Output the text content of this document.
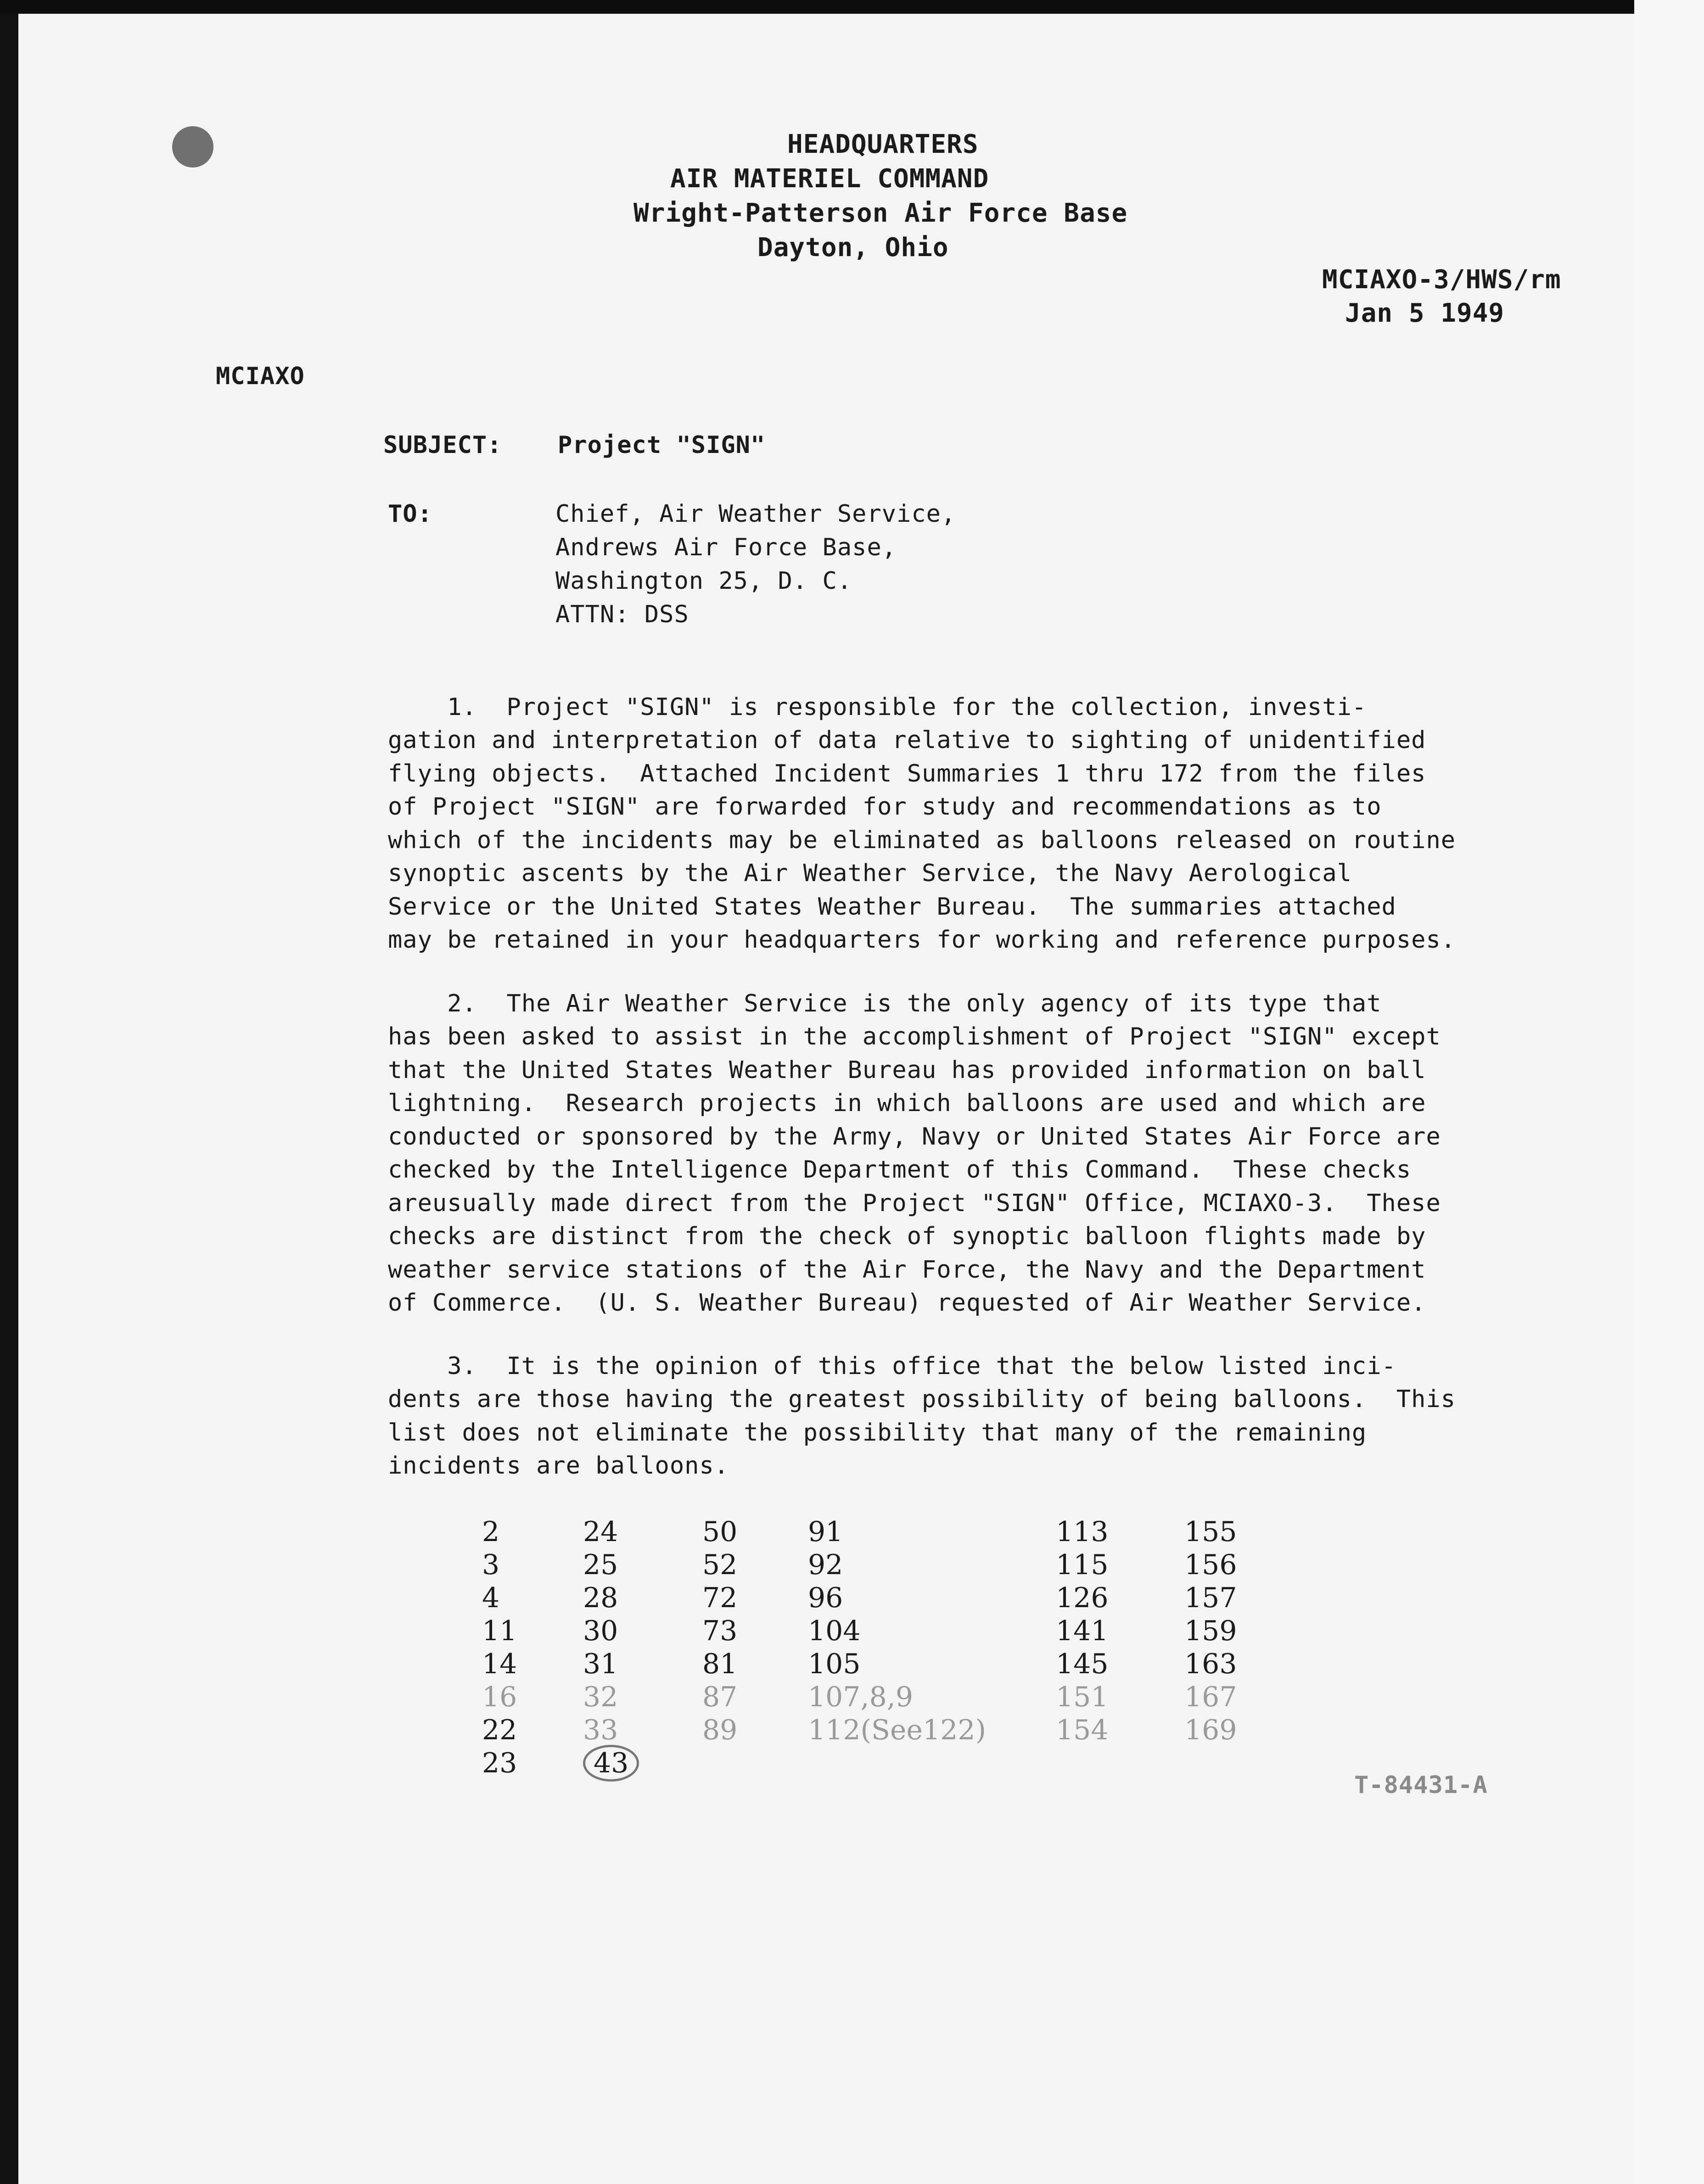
HEADQUARTERS
AIR MATERIEL COMMAND
Wright-Patterson Air Force Base
Dayton, Ohio
MCIAXO-3/HWS/rm
Jan 5 1949
MCIAXO
SUBJECT: Project "SIGN"
TO:	Chief, Air Weather Service,
Andrews Air Force Base,
Washington 25, D. C.
ATTN: DSS

1.  Project "SIGN" is responsible for the collection, investi-
gation and interpretation of data relative to sighting of unidentified
flying objects.  Attached Incident Summaries 1 thru 172 from the files
of Project "SIGN" are forwarded for study and recommendations as to
which of the incidents may be eliminated as balloons released on routine
synoptic ascents by the Air Weather Service, the Navy Aerological
Service or the United States Weather Bureau.  The summaries attached
may be retained in your headquarters for working and reference purposes.

2.  The Air Weather Service is the only agency of its type that
has been asked to assist in the accomplishment of Project "SIGN" except
that the United States Weather Bureau has provided information on ball
lightning.  Research projects in which balloons are used and which are
conducted or sponsored by the Army, Navy or United States Air Force are
checked by the Intelligence Department of this Command.  These checks
areusually made direct from the Project "SIGN" Office, MCIAXO-3.  These
checks are distinct from the check of synoptic balloon flights made by
weather service stations of the Air Force, the Navy and the Department
of Commerce.  (U. S. Weather Bureau) requested of Air Weather Service.

3.  It is the opinion of this office that the below listed inci-
dents are those having the greatest possibility of being balloons.  This
list does not eliminate the possibility that many of the remaining
incidents are balloons.

2
3
4
11
14
16
22
23

24
25
28
30
31
32
33
43

50
52
72
73
81
87
89

91
92
96
104
105
107,8,9
112(See122)

113
115
126
141
145
151
154

155
156
157
159
163
167
169

T-84431-A
